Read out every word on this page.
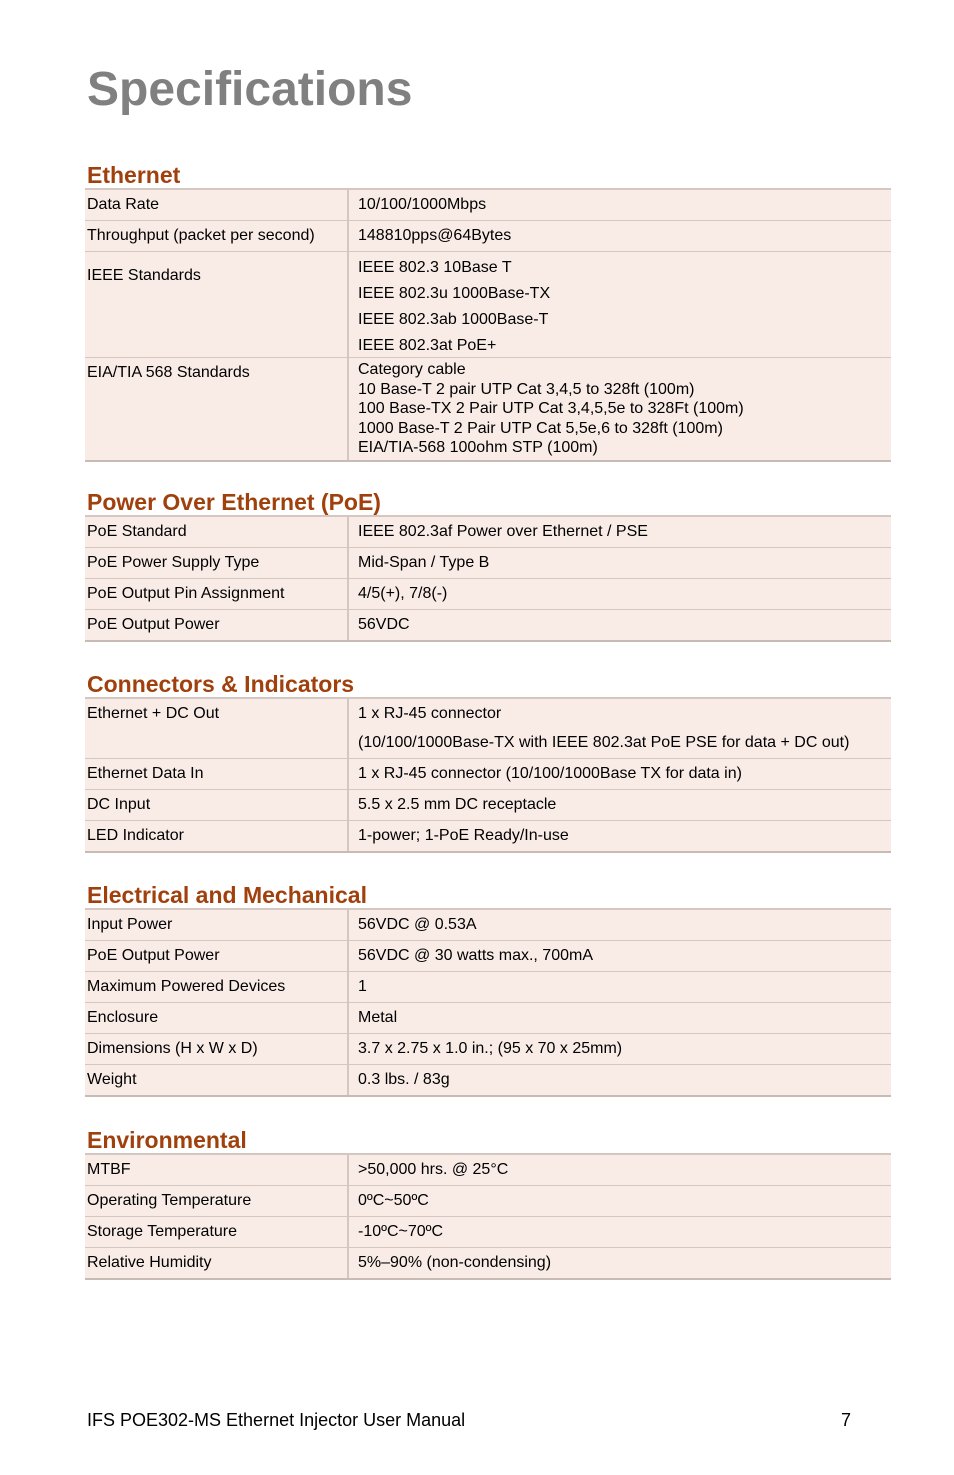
Specifications
Ethernet
Data Rate	10/100/1000Mbps
Throughput (packet per second)	148810pps@64Bytes
IEEE Standards	IEEE 802.3 10Base T
IEEE 802.3u 1000Base-TX
IEEE 802.3ab 1000Base-T
IEEE 802.3at PoE+

EIA/TIA 568 Standards	Category cable
10 Base-T 2 pair UTP Cat 3,4,5 to 328ft (100m)
100 Base-TX 2 Pair UTP Cat 3,4,5,5e to 328Ft (100m)
1000 Base-T 2 Pair UTP Cat 5,5e,6 to 328ft (100m)
EIA/TIA-568 100ohm STP (100m)
Power Over Ethernet (PoE)
PoE Standard	IEEE 802.3af Power over Ethernet / PSE
PoE Power Supply Type	Mid-Span / Type B
PoE Output Pin Assignment	4/5(+), 7/8(-)
PoE Output Power	56VDC
Connectors & Indicators
Ethernet + DC Out	1 x RJ-45 connector
(10/100/1000Base-TX with IEEE 802.3at PoE PSE for data + DC out)

Ethernet Data In	1 x RJ-45 connector (10/100/1000Base TX for data in)
DC Input	5.5 x 2.5 mm DC receptacle
LED Indicator	1-power; 1-PoE Ready/In-use
Electrical and Mechanical
Input Power	56VDC @ 0.53A
PoE Output Power	56VDC @ 30 watts max., 700mA
Maximum Powered Devices	1
Enclosure	Metal
Dimensions (H x W x D)	3.7 x 2.75 x 1.0 in.; (95 x 70 x 25mm)
Weight	0.3 lbs. / 83g
Environmental
MTBF	>50,000 hrs. @ 25°C
Operating Temperature	0ºC~50ºC
Storage Temperature	-10ºC~70ºC
Relative Humidity	5%–90% (non-condensing)
IFS POE302-MS Ethernet Injector User Manual	7
